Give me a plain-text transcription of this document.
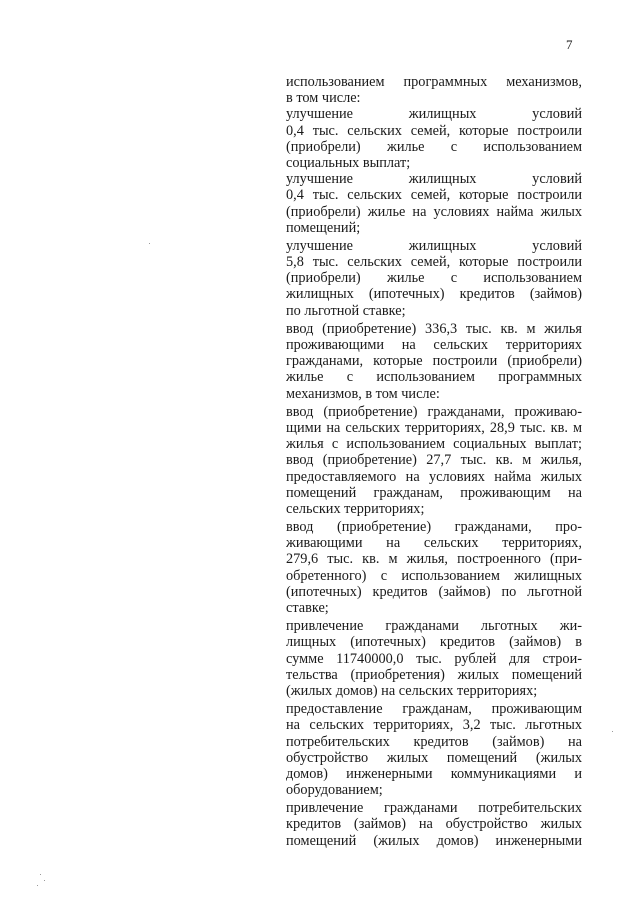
7
использованием программных механизмов,
в том числе:
улучшение жилищных условий
0,4 тыс. сельских семей, которые построили
(приобрели) жилье с использованием
социальных выплат;
улучшение жилищных условий
0,4 тыс. сельских семей, которые построили
(приобрели) жилье на условиях найма жилых
помещений;
улучшение жилищных условий
5,8 тыс. сельских семей, которые построили
(приобрели) жилье с использованием
жилищных (ипотечных) кредитов (займов)
по льготной ставке;
ввод (приобретение) 336,3 тыс. кв. м жилья
проживающими на сельских территориях
гражданами, которые построили (приобрели)
жилье с использованием программных
механизмов, в том числе:
ввод (приобретение) гражданами, проживаю-
щими на сельских территориях, 28,9 тыс. кв. м
жилья с использованием социальных выплат;
ввод (приобретение) 27,7 тыс. кв. м жилья,
предоставляемого на условиях найма жилых
помещений гражданам, проживающим на
сельских территориях;
ввод (приобретение) гражданами, про-
живающими на сельских территориях,
279,6 тыс. кв. м жилья, построенного (при-
обретенного) с использованием жилищных
(ипотечных) кредитов (займов) по льготной
ставке;
привлечение гражданами льготных жи-
лищных (ипотечных) кредитов (займов) в
сумме 11740000,0 тыс. рублей для строи-
тельства (приобретения) жилых помещений
(жилых домов) на сельских территориях;
предоставление гражданам, проживающим
на сельских территориях, 3,2 тыс. льготных
потребительских кредитов (займов) на
обустройство жилых помещений (жилых
домов) инженерными коммуникациями и
оборудованием;
привлечение гражданами потребительских
кредитов (займов) на обустройство жилых
помещений (жилых домов) инженерными
